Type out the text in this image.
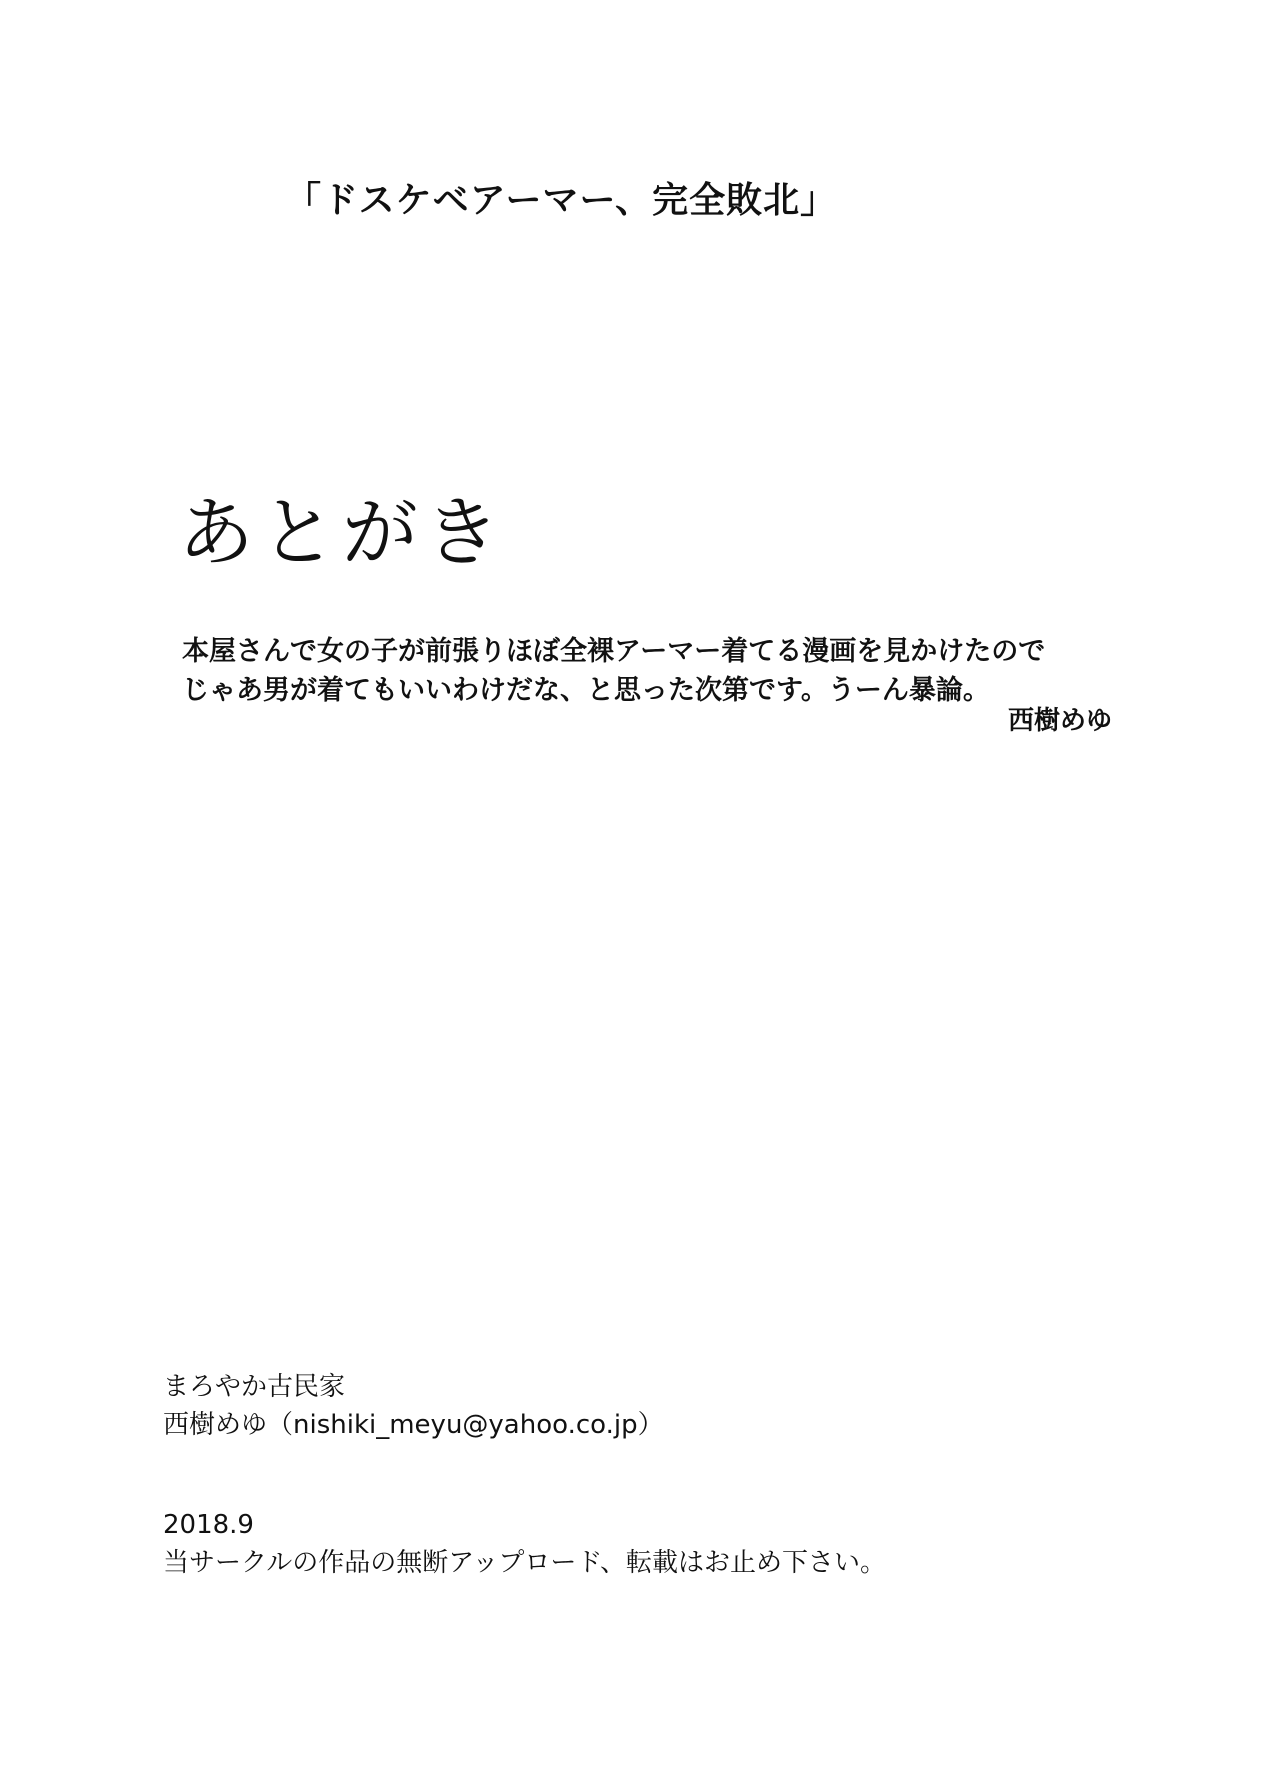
「ドスケベアーマー、完全敗北」
あとがき
本屋さんで女の子が前張りほぼ全裸アーマー着てる漫画を見かけたので
じゃあ男が着てもいいわけだな、と思った次第です。うーん暴論。
西樹めゆ
まろやか古民家
西樹めゆ（nishiki_meyu@yahoo.co.jp）
2018.9
当サークルの作品の無断アップロード、転載はお止め下さい。
